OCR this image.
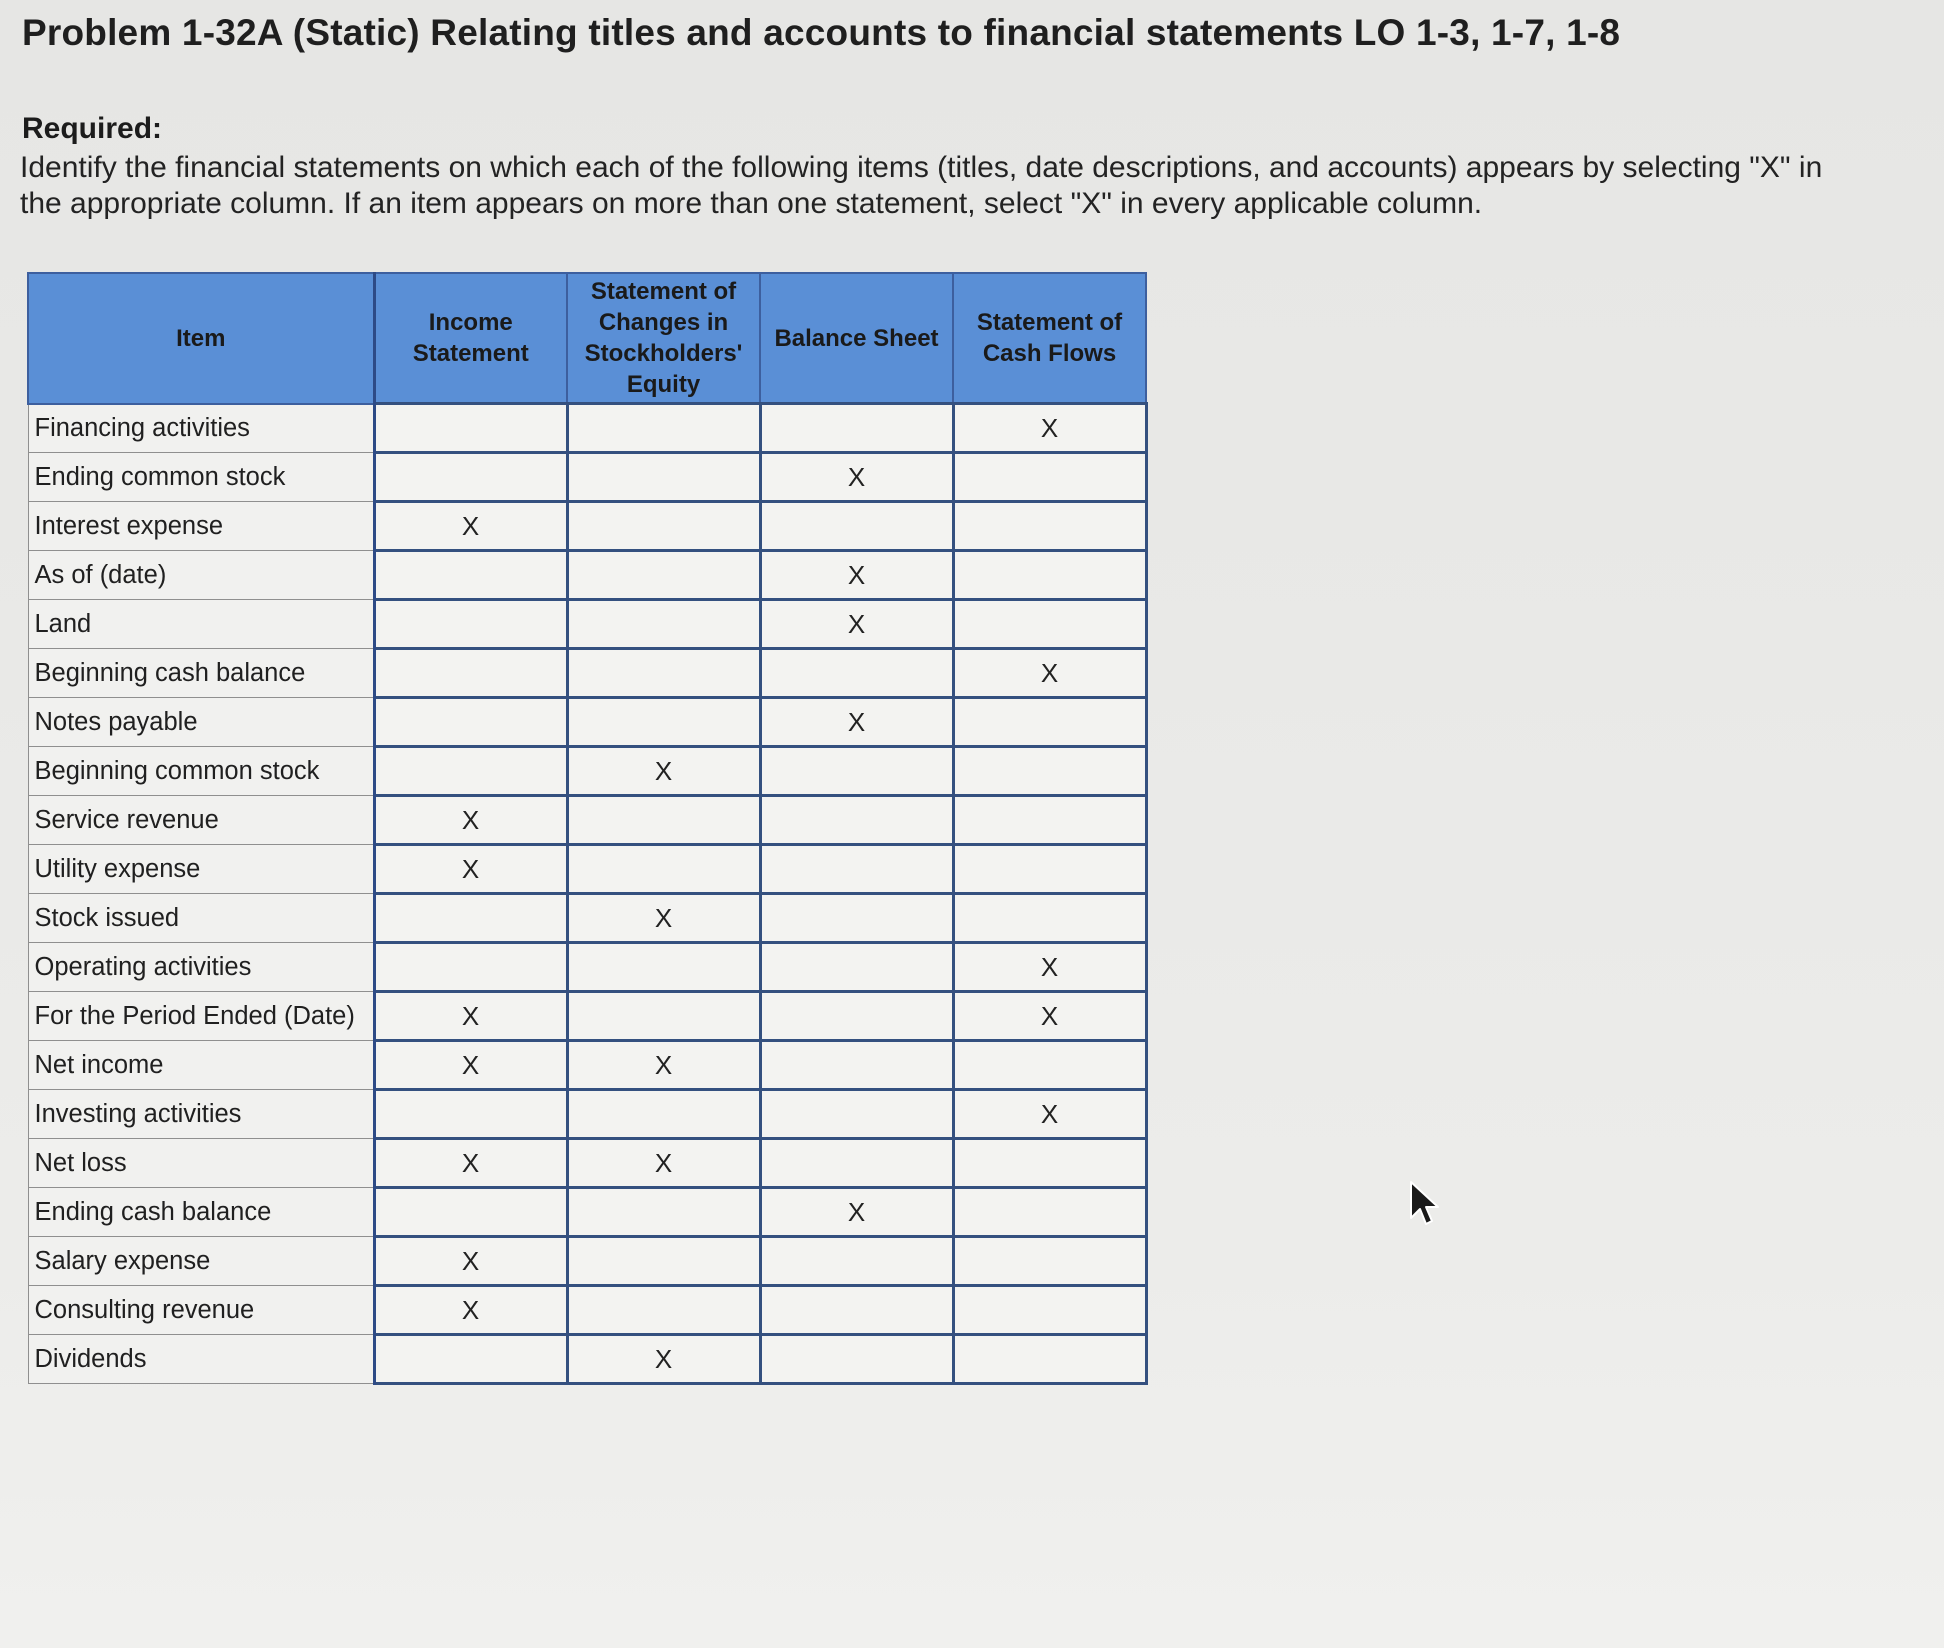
Problem 1-32A (Static) Relating titles and accounts to financial statements LO 1-3, 1-7, 1-8
Required:

Identify the financial statements on which each of the following items (titles, date descriptions, and accounts) appears by selecting "X" in the appropriate column. If an item appears on more than one statement, select "X" in every applicable column.

Item	Income Statement	Statement of Changes in Stockholders' Equity	Balance Sheet	Statement of Cash Flows
Financing activities				X
Ending common stock			X	
Interest expense	X			
As of (date)			X	
Land			X	
Beginning cash balance				X
Notes payable			X	
Beginning common stock		X		
Service revenue	X			
Utility expense	X			
Stock issued		X		
Operating activities				X
For the Period Ended (Date)	X			X
Net income	X	X		
Investing activities				X
Net loss	X	X		
Ending cash balance			X	
Salary expense	X			
Consulting revenue	X			
Dividends		X		
